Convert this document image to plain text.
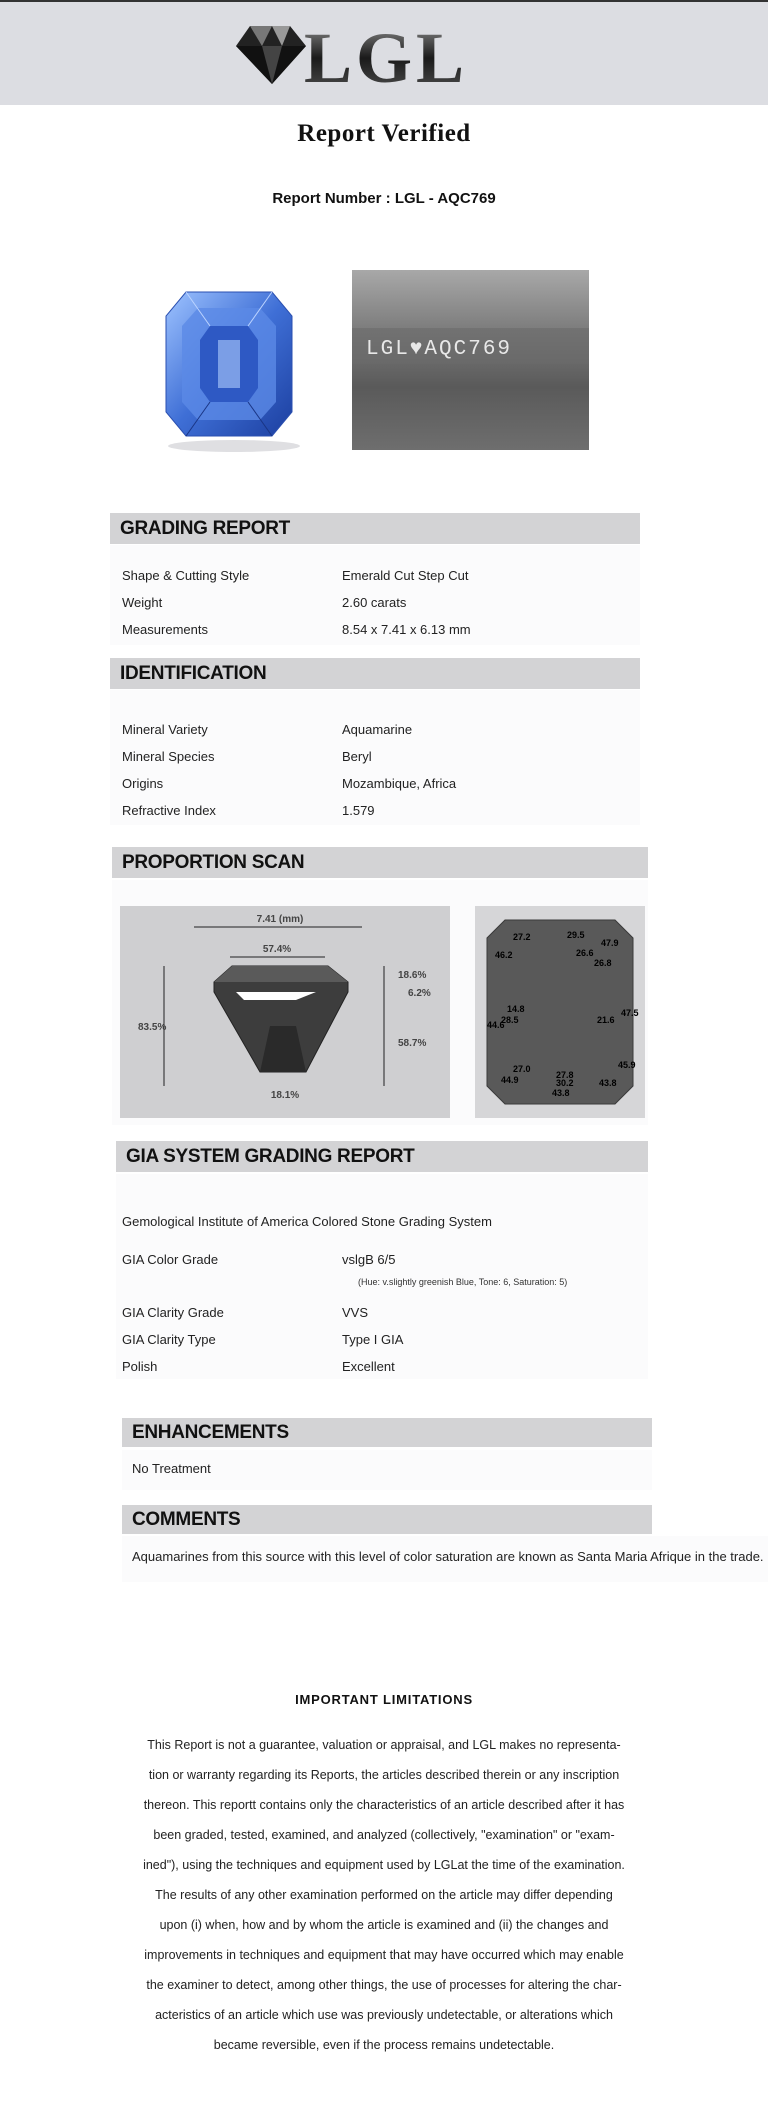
LGL
Report Verified
Report Number : LGL - AQC769
LGL♥AQC769
GRADING REPORT
Shape & Cutting Style	Emerald Cut Step Cut
Weight	2.60 carats
Measurements	8.54 x 7.41 x 6.13 mm
IDENTIFICATION
Mineral Variety	Aquamarine
Mineral Species	Beryl
Origins	Mozambique, Africa
Refractive Index	1.579
PROPORTION SCAN
7.41 (mm)
57.4%
83.5%
18.6%
6.2%
58.7%
18.1%
27.2	29.5
47.9
46.2	26.6
26.8
14.8
28.5
44.6	21.6
47.5
27.0
27.8
30.2
45.9
44.9	43.8
43.8
GIA SYSTEM GRADING REPORT
Gemological Institute of America Colored Stone Grading System
GIA Color Grade	vslgB 6/5
(Hue: v.slightly greenish Blue, Tone: 6, Saturation: 5)
GIA Clarity Grade	VVS
GIA Clarity Type	Type I GIA
Polish	Excellent
ENHANCEMENTS
No Treatment
COMMENTS
Aquamarines from this source with this level of color saturation are known as Santa Maria Afrique in the trade.
IMPORTANT LIMITATIONS
This Report is not a guarantee, valuation or appraisal, and LGL makes no representa-
tion or warranty regarding its Reports, the articles described therein or any inscription
thereon. This reportt contains only the characteristics of an article described after it has
been graded, tested, examined, and analyzed (collectively, "examination" or "exam-
ined"), using the techniques and equipment used by LGLat the time of the examination.
The results of any other examination performed on the article may differ depending
upon (i) when, how and by whom the article is examined and (ii) the changes and
improvements in techniques and equipment that may have occurred which may enable
the examiner to detect, among other things, the use of processes for altering the char-
acteristics of an article which use was previously undetectable, or alterations which
became reversible, even if the process remains undetectable.
